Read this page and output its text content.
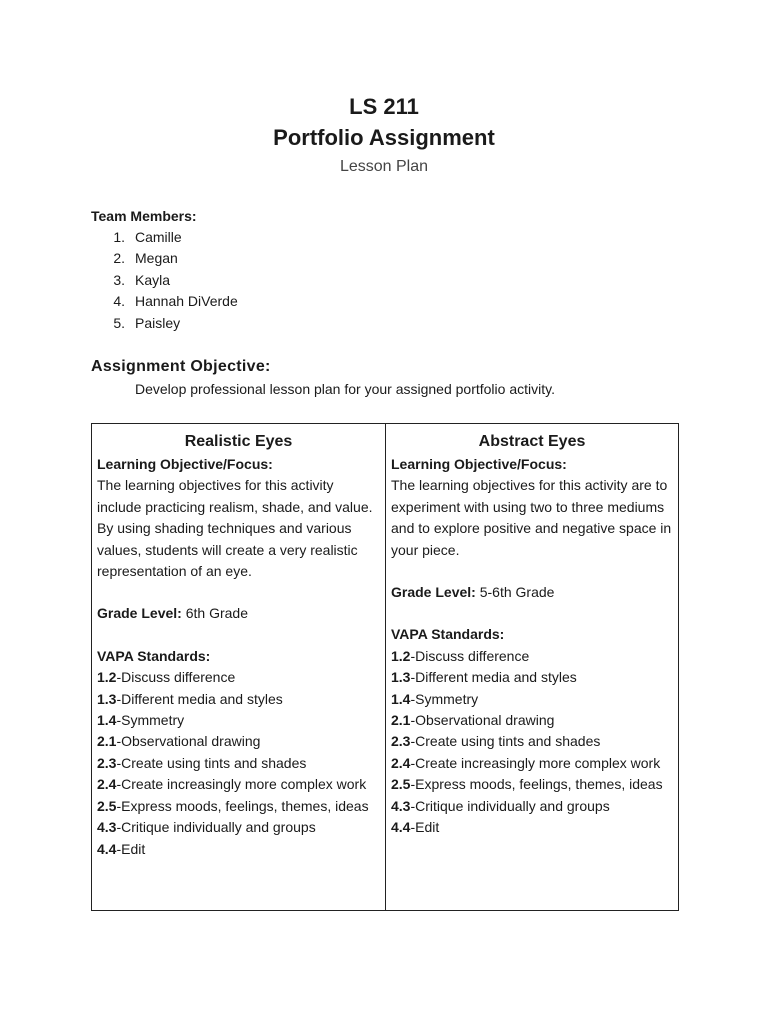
LS 211

Portfolio Assignment

Lesson Plan

Team Members:
1. Camille
2. Megan
3. Kayla
4. Hannah DiVerde
5. Paisley
Assignment Objective:
Develop professional lesson plan for your assigned portfolio activity.

Realistic Eyes

Learning Objective/Focus:

The learning objectives for this activity include practicing realism, shade, and value. By using shading techniques and various values, students will create a very realistic representation of an eye.

Grade Level: 6th Grade

VAPA Standards:

1.2-Discuss difference

1.3-Different media and styles

1.4-Symmetry

2.1-Observational drawing

2.3-Create using tints and shades

2.4-Create increasingly more complex work

2.5-Express moods, feelings, themes, ideas

4.3-Critique individually and groups

4.4-Edit

Abstract Eyes

Learning Objective/Focus:

The learning objectives for this activity are to experiment with using two to three mediums and to explore positive and negative space in your piece.

Grade Level: 5-6th Grade

VAPA Standards:

1.2-Discuss difference

1.3-Different media and styles

1.4-Symmetry

2.1-Observational drawing

2.3-Create using tints and shades

2.4-Create increasingly more complex work

2.5-Express moods, feelings, themes, ideas

4.3-Critique individually and groups

4.4-Edit
